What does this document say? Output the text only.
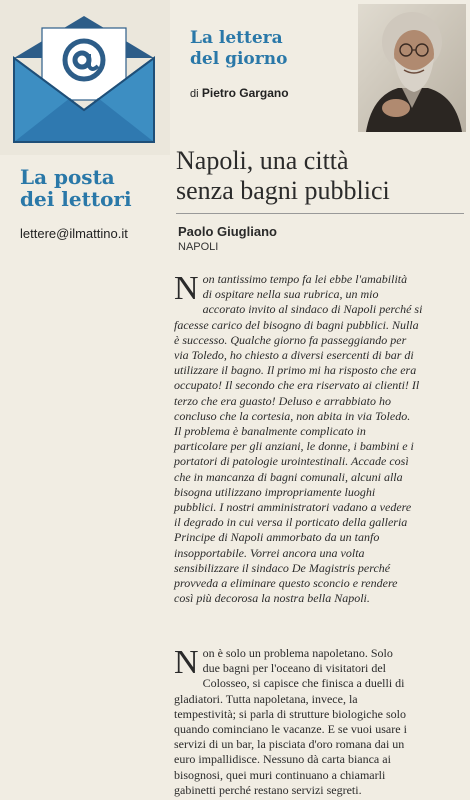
La posta
dei lettori
lettere@ilmattino.it
La lettera
del giorno
di Pietro Gargano
Napoli, una città
senza bagni pubblici
Paolo Giugliano
NAPOLI
N on tantissimo tempo fa lei ebbe l'amabilità
di ospitare nella sua rubrica, un mio
accorato invito al sindaco di Napoli perché si
facesse carico del bisogno di bagni pubblici. Nulla
è successo. Qualche giorno fa passeggiando per
via Toledo, ho chiesto a diversi esercenti di bar di
utilizzare il bagno. Il primo mi ha risposto che era
occupato! Il secondo che era riservato ai clienti! Il
terzo che era guasto! Deluso e arrabbiato ho
concluso che la cortesia, non abita in via Toledo.
Il problema è banalmente complicato in
particolare per gli anziani, le donne, i bambini e i
portatori di patologie urointestinali. Accade così
che in mancanza di bagni comunali, alcuni alla
bisogna utilizzano impropriamente luoghi
pubblici. I nostri amministratori vadano a vedere
il degrado in cui versa il porticato della galleria
Principe di Napoli ammorbato da un tanfo
insopportabile. Vorrei ancora una volta
sensibilizzare il sindaco De Magistris perché
provveda a eliminare questo sconcio e rendere
così più decorosa la nostra bella Napoli.
N on è solo un problema napoletano. Solo
due bagni per l'oceano di visitatori del
Colosseo, si capisce che finisca a duelli di
gladiatori. Tutta napoletana, invece, la
tempestività; si parla di strutture biologiche solo
quando cominciano le vacanze. E se vuoi usare i
servizi di un bar, la pisciata d'oro romana dai un
euro impallidisce. Nessuno dà carta bianca ai
bisognosi, quei muri continuano a chiamarli
gabinetti perché restano servizi segreti.
